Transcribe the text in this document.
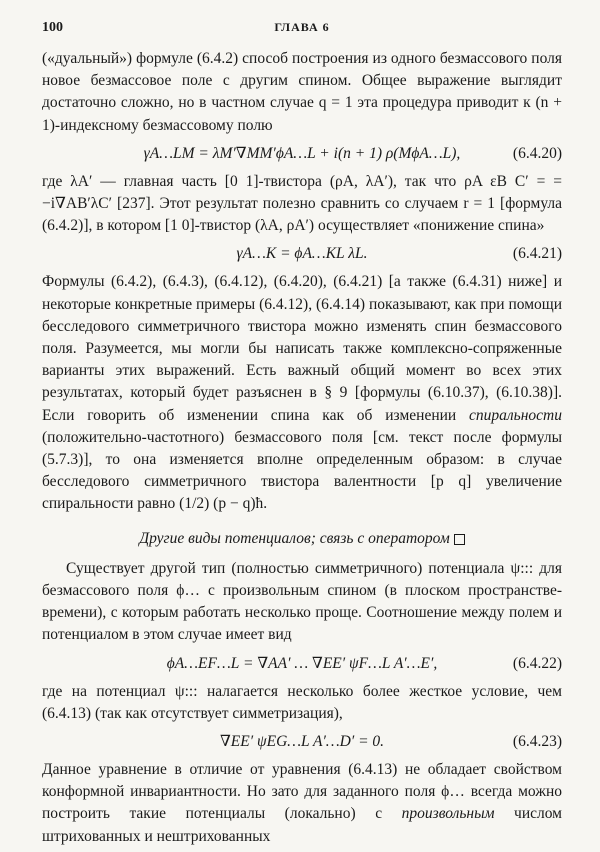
100	ГЛАВА 6

(«дуальный») формуле (6.4.2) способ построения из одного безмассового поля новое безмассовое поле с другим спином. Общее выражение выглядит достаточно сложно, но в частном случае q = 1 эта процедура приводит к (n + 1)-индексному безмассовому полю

γA…LM = λM′∇MM′ϕA…L + i(n + 1) ρ(MϕA…L),	(6.4.20)

где λA′ — главная часть [0 1]-твистора (ρA, λA′), так что ρA εB C′ = = −i∇AB′λC′ [237]. Этот результат полезно сравнить со случаем r = 1 [формула (6.4.2)], в котором [1 0]-твистор (λA, ρA′) осуществляет «понижение спина»

γA…K = ϕA…KL λL.	(6.4.21)

Формулы (6.4.2), (6.4.3), (6.4.12), (6.4.20), (6.4.21) [а также (6.4.31) ниже] и некоторые конкретные примеры (6.4.12), (6.4.14) показывают, как при помощи бесследового симметричного твистора можно изменять спин безмассового поля. Разумеется, мы могли бы написать также комплексно-сопряженные варианты этих выражений. Есть важный общий момент во всех этих результатах, который будет разъяснен в § 9 [формулы (6.10.37), (6.10.38)]. Если говорить об изменении спина как об изменении спиральности (положительно-частотного) безмассового поля [см. текст после формулы (5.7.3)], то она изменяется вполне определенным образом: в случае бесследового симметричного твистора валентности [p q] увеличение спиральности равно (1/2) (p − q)ħ.

Другие виды потенциалов; связь с оператором

Существует другой тип (полностью симметричного) потенциала ψ::: для безмассового поля ϕ… с произвольным спином (в плоском пространстве-времени), с которым работать несколько проще. Соотношение между полем и потенциалом в этом случае имеет вид

ϕA…EF…L = ∇AA′ … ∇EE′ ψF…L A′…E′,	(6.4.22)

где на потенциал ψ::: налагается несколько более жесткое условие, чем (6.4.13) (так как отсутствует симметризация),

∇EE′ ψEG…L A′…D′ = 0.	(6.4.23)

Данное уравнение в отличие от уравнения (6.4.13) не обладает свойством конформной инвариантности. Но зато для заданного поля ϕ… всегда можно построить такие потенциалы (локально) с произвольным числом штрихованных и нештрихованных
